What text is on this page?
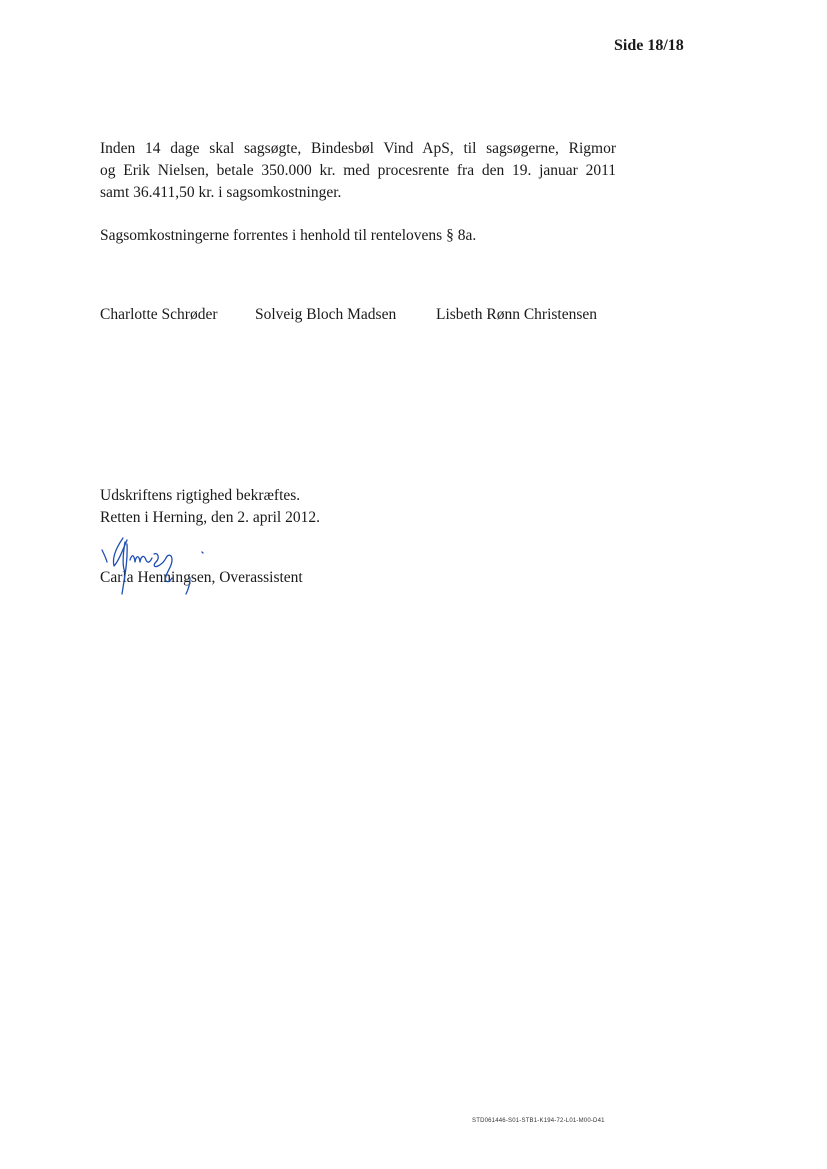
Side 18/18

Inden 14 dage skal sagsøgte, Bindesbøl Vind ApS, til sagsøgerne, Rigmor
og Erik Nielsen, betale 350.000 kr. med procesrente fra den 19. januar 2011
samt 36.411,50 kr. i sagsomkostninger.

Sagsomkostningerne forrentes i henhold til rentelovens § 8a.

Charlotte Schrøder Solveig Bloch Madsen	Lisbeth Rønn Christensen
Udskriftens rigtighed bekræftes.
Retten i Herning, den 2. april 2012.
Carla Henningsen, Overassistent
STD061446-S01-STB1-K194-72-L01-M00-D41
